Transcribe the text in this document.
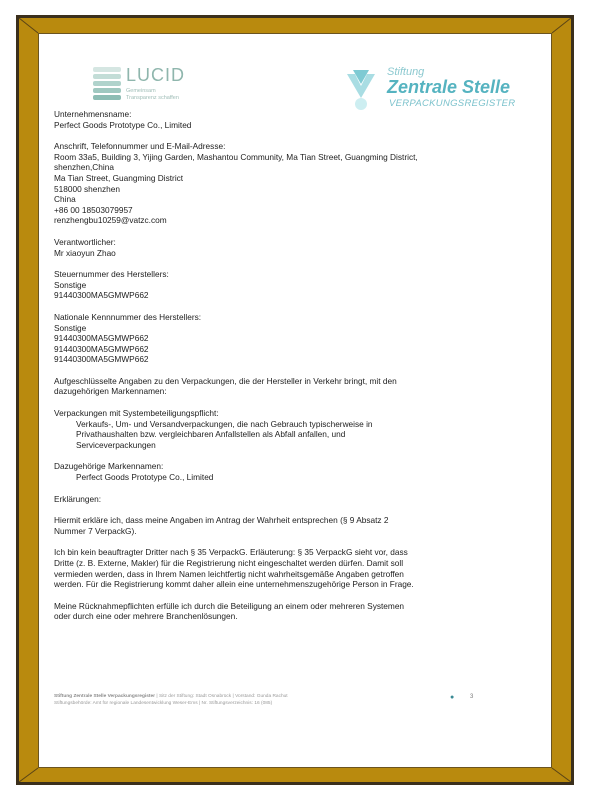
LUCID
Gemeinsam
Transparenz schaffen
Stiftung
Zentrale Stelle
VERPACKUNGSREGISTER

Unternehmensname:

Perfect Goods Prototype Co., Limited

Anschrift, Telefonnummer und E-Mail-Adresse:

Room 33a5, Building 3, Yijing Garden, Mashantou Community, Ma Tian Street, Guangming District,

shenzhen,China

Ma Tian Street, Guangming District

518000 shenzhen

China

+86 00 18503079957

renzhengbu10259@vatzc.com

Verantwortlicher:

Mr xiaoyun Zhao

Steuernummer des Herstellers:

Sonstige

91440300MA5GMWP662

Nationale Kennnummer des Herstellers:

Sonstige

91440300MA5GMWP662

91440300MA5GMWP662

91440300MA5GMWP662

Aufgeschlüsselte Angaben zu den Verpackungen, die der Hersteller in Verkehr bringt, mit den

dazugehörigen Markennamen:

Verpackungen mit Systembeteiligungspflicht:

Verkaufs-, Um- und Versandverpackungen, die nach Gebrauch typischerweise in

Privathaushalten bzw. vergleichbaren Anfallstellen als Abfall anfallen, und

Serviceverpackungen

Dazugehörige Markennamen:

Perfect Goods Prototype Co., Limited

Erklärungen:

Hiermit erkläre ich, dass meine Angaben im Antrag der Wahrheit entsprechen (§ 9 Absatz 2

Nummer 7 VerpackG).

Ich bin kein beauftragter Dritter nach § 35 VerpackG. Erläuterung: § 35 VerpackG sieht vor, dass

Dritte (z. B. Externe, Makler) für die Registrierung nicht eingeschaltet werden dürfen. Damit soll

vermieden werden, dass in Ihrem Namen leichtfertig nicht wahrheitsgemäße Angaben getroffen

werden. Für die Registrierung kommt daher allein eine unternehmenszugehörige Person in Frage.

Meine Rücknahmepflichten erfülle ich durch die Beteiligung an einem oder mehreren Systemen

oder durch eine oder mehrere Branchenlösungen.

Stiftung Zentrale Stelle Verpackungsregister | Sitz der Stiftung: Stadt Osnabrück | Vorstand: Gunda Rachut
Stiftungsbehörde: Amt für regionale Landesentwicklung Weser-Ems | Nr. Stiftungsverzeichnis: 16 (085)
●	3
